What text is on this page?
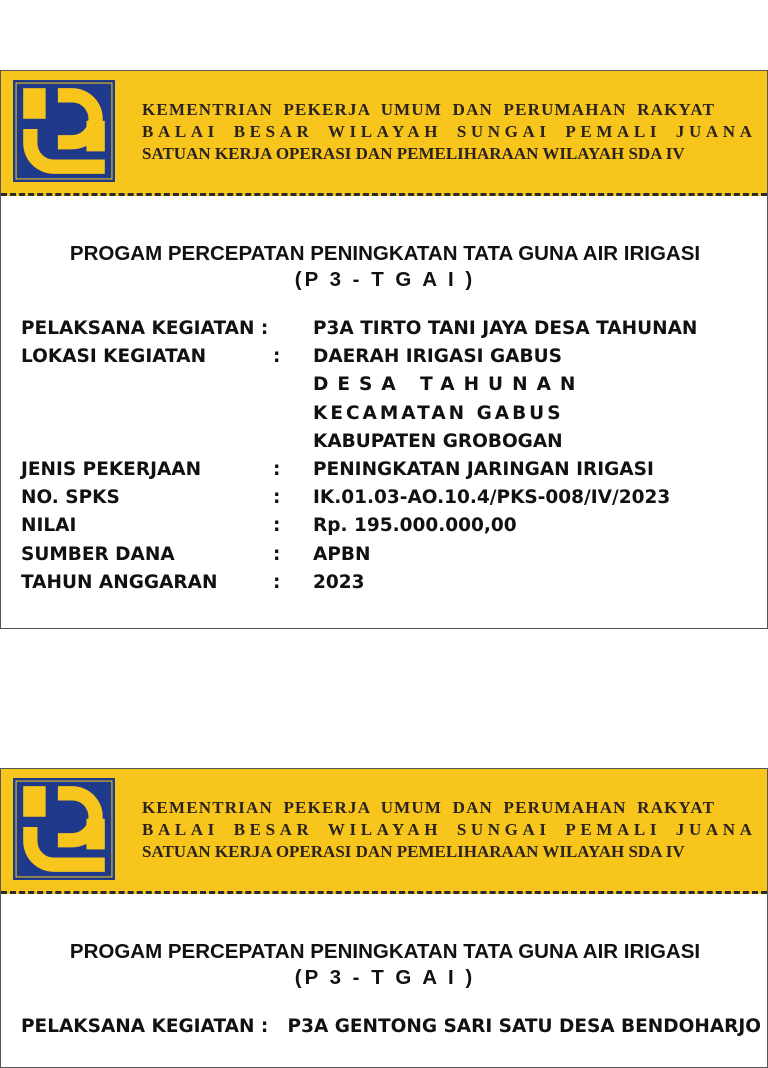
KEMENTRIAN PEKERJA UMUM DAN PERUMAHAN RAKYAT
BALAI BESAR WILAYAH SUNGAI PEMALI JUANA
SATUAN KERJA OPERASI DAN PEMELIHARAAN WILAYAH SDA IV
PROGAM PERCEPATAN PENINGKATAN TATA GUNA AIR IRIGASI
(P 3 - T G A I )
PELAKSANA KEGIATAN : P3A TIRTO TANI JAYA DESA TAHUNAN
LOKASI KEGIATAN	:	DAERAH IRIGASI GABUS
DESA TAHUNAN
KECAMATAN GABUS
KABUPATEN GROBOGAN
JENIS PEKERJAAN	:	PENINGKATAN JARINGAN IRIGASI
NO. SPKS	:	IK.01.03-AO.10.4/PKS-008/IV/2023
NILAI	:	Rp. 195.000.000,00
SUMBER DANA	:	APBN
TAHUN ANGGARAN	:	2023
KEMENTRIAN PEKERJA UMUM DAN PERUMAHAN RAKYAT
BALAI BESAR WILAYAH SUNGAI PEMALI JUANA
SATUAN KERJA OPERASI DAN PEMELIHARAAN WILAYAH SDA IV
PROGAM PERCEPATAN PENINGKATAN TATA GUNA AIR IRIGASI
(P 3 - T G A I )
PELAKSANA KEGIATAN : P3A GENTONG SARI SATU DESA BENDOHARJO
